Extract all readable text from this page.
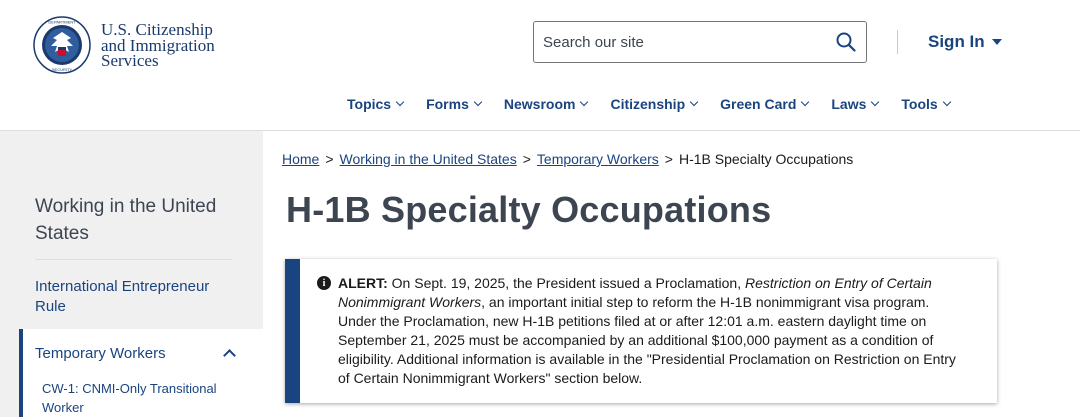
DEPARTMENT
SECURITY
U.S. Citizenship
and Immigration
Services
Search our site
Sign In
Topics	Forms	Newsroom	Citizenship	Green Card	Laws	Tools
Working in the United States
International Entrepreneur Rule
Temporary Workers
CW-1: CNMI-Only Transitional Worker
Home > Working in the United States > Temporary Workers > H-1B Specialty Occupations
H-1B Specialty Occupations
i ALERT: On Sept. 19, 2025, the President issued a Proclamation, Restriction on Entry of Certain Nonimmigrant Workers, an important initial step to reform the H-1B nonimmigrant visa program. Under the Proclamation, new H-1B petitions filed at or after 12:01 a.m. eastern daylight time on September 21, 2025 must be accompanied by an additional $100,000 payment as a condition of eligibility. Additional information is available in the "Presidential Proclamation on Restriction on Entry of Certain Nonimmigrant Workers" section below.
